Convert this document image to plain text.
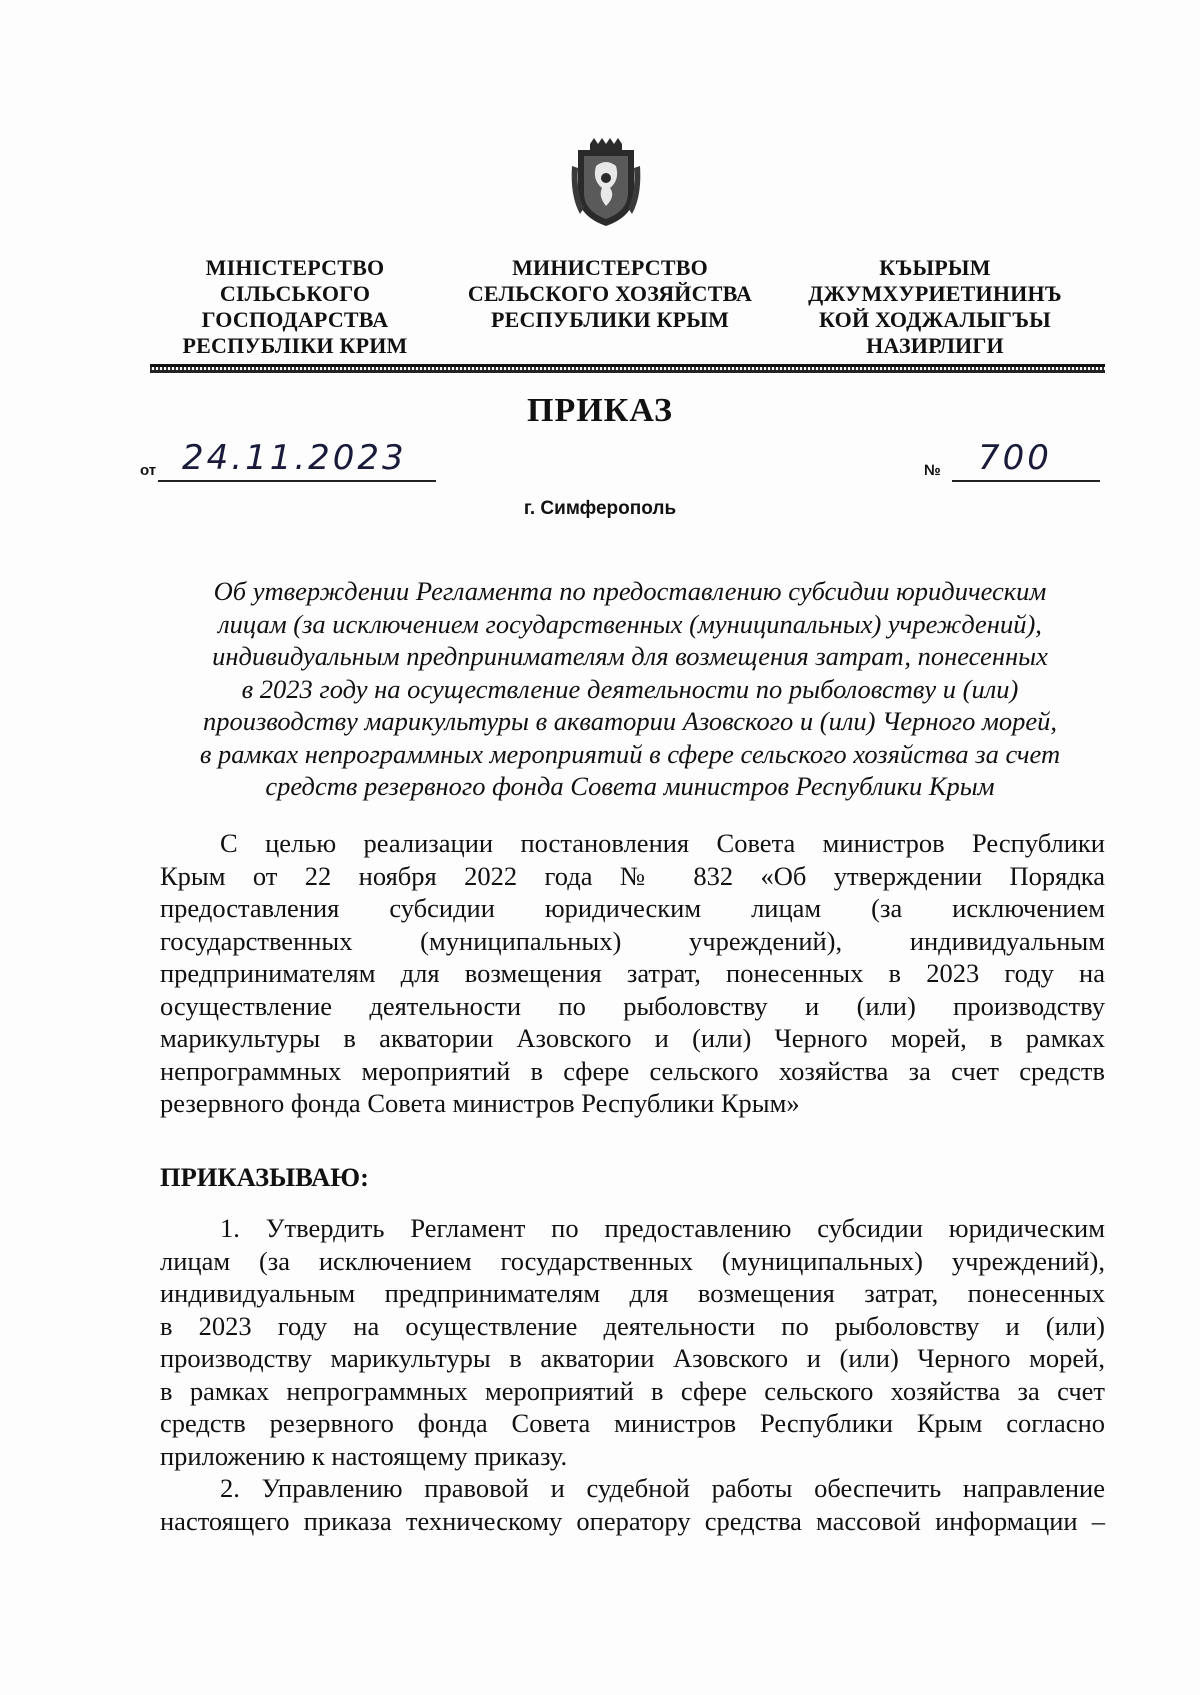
МІНІСТЕРСТВО
СІЛЬСЬКОГО
ГОСПОДАРСТВА
РЕСПУБЛІКИ КРИМ
МИНИСТЕРСТВО
СЕЛЬСКОГО ХОЗЯЙСТВА
РЕСПУБЛИКИ КРЫМ
КЪЫРЫМ
ДЖУМХУРИЕТИНИНЪ
КОЙ ХОДЖАЛЫГЪЫ
НАЗИРЛИГИ
ПРИКАЗ
от 24.11.2023	№ 700
г. Симферополь
Об утверждении Регламента по предоставлению субсидии юридическим
лицам (за исключением государственных (муниципальных) учреждений),
индивидуальным предпринимателям для возмещения затрат, понесенных
в 2023 году на осуществление деятельности по рыболовству и (или)
производству марикультуры в акватории Азовского и (или) Черного морей,
в рамках непрограммных мероприятий в сфере сельского хозяйства за счет
средств резервного фонда Совета министров Республики Крым
С целью реализации постановления Совета министров Республики
Крым от 22 ноября 2022 года № 832 «Об утверждении Порядка
предоставления субсидии юридическим лицам (за исключением
государственных (муниципальных) учреждений), индивидуальным
предпринимателям для возмещения затрат, понесенных в 2023 году на
осуществление деятельности по рыболовству и (или) производству
марикультуры в акватории Азовского и (или) Черного морей, в рамках
непрограммных мероприятий в сфере сельского хозяйства за счет средств
резервного фонда Совета министров Республики Крым»
ПРИКАЗЫВАЮ:
1. Утвердить Регламент по предоставлению субсидии юридическим
лицам (за исключением государственных (муниципальных) учреждений),
индивидуальным предпринимателям для возмещения затрат, понесенных
в 2023 году на осуществление деятельности по рыболовству и (или)
производству марикультуры в акватории Азовского и (или) Черного морей,
в рамках непрограммных мероприятий в сфере сельского хозяйства за счет
средств резервного фонда Совета министров Республики Крым согласно
приложению к настоящему приказу.
2. Управлению правовой и судебной работы обеспечить направление
настоящего приказа техническому оператору средства массовой информации –
